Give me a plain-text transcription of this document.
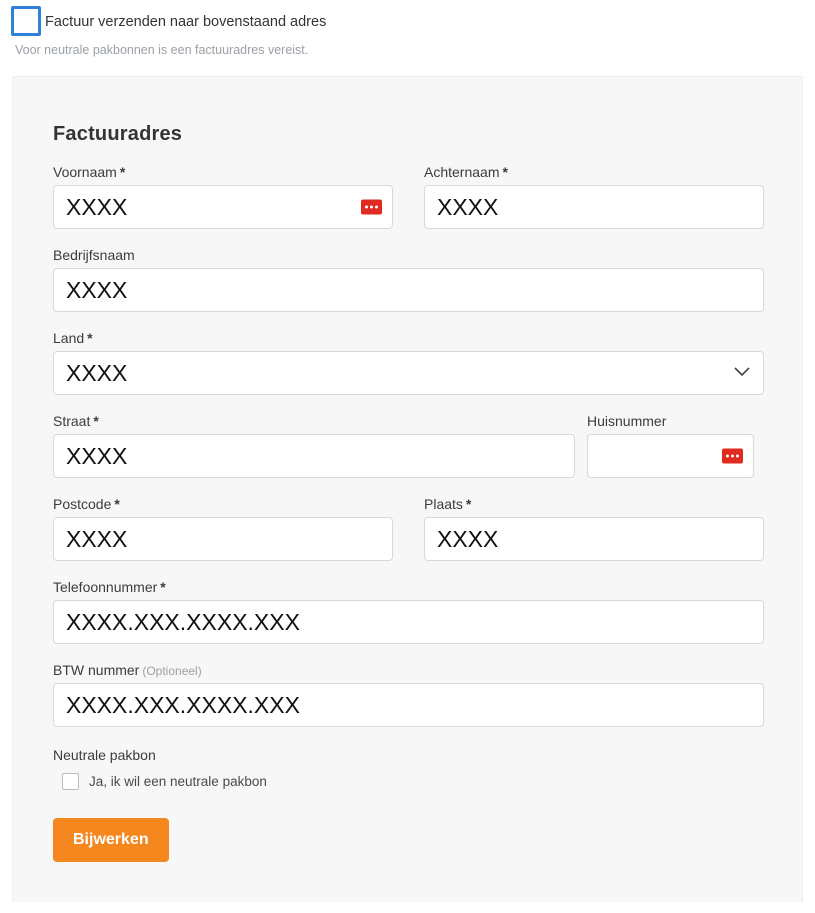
Factuur verzenden naar bovenstaand adres
Voor neutrale pakbonnen is een factuuradres vereist.
Factuuradres
Voornaam *
XXXX	Achternaam *
XXXX
Bedrijfsnaam
XXXX
Land *
XXXX
Straat *
XXXX	Huisnummer
Postcode *
XXXX	Plaats *
XXXX
Telefoonnummer *
XXXX.XXX.XXXX.XXX
BTW nummer (Optioneel)
XXXX.XXX.XXXX.XXX
Neutrale pakbon
Ja, ik wil een neutrale pakbon
Bijwerken
